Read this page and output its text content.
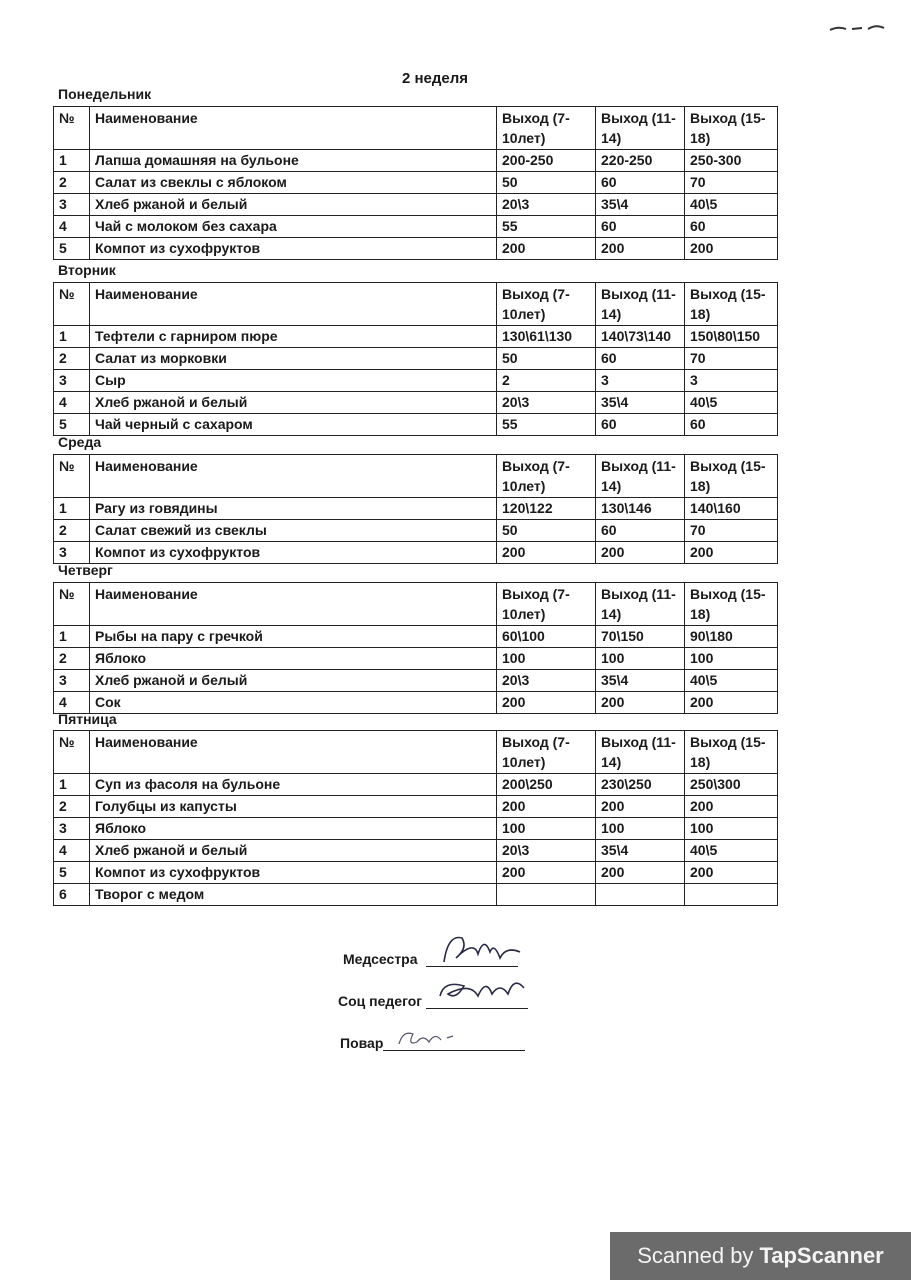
2 неделя
Понедельник
№	Наименование	Выход (7-10лет)	Выход (11-14)	Выход (15-18)
1	Лапша домашняя на бульоне	200-250	220-250	250-300
2	Салат из свеклы с яблоком	50	60	70
3	Хлеб ржаной и белый	20\3	35\4	40\5
4	Чай с молоком без сахара	55	60	60
5	Компот из сухофруктов	200	200	200
Вторник
№	Наименование	Выход (7-10лет)	Выход (11-14)	Выход (15-18)
1	Тефтели с гарниром пюре	130\61\130	140\73\140	150\80\150
2	Салат из морковки	50	60	70
3	Сыр	2	3	3
4	Хлеб ржаной и белый	20\3	35\4	40\5
5	Чай черный с сахаром	55	60	60
Среда
№	Наименование	Выход (7-10лет)	Выход (11-14)	Выход (15-18)
1	Рагу из говядины	120\122	130\146	140\160
2	Салат свежий из свеклы	50	60	70
3	Компот из сухофруктов	200	200	200
Четверг
№	Наименование	Выход (7-10лет)	Выход (11-14)	Выход (15-18)
1	Рыбы на пару с гречкой	60\100	70\150	90\180
2	Яблоко	100	100	100
3	Хлеб ржаной и белый	20\3	35\4	40\5
4	Сок	200	200	200
Пятница
№	Наименование	Выход (7-10лет)	Выход (11-14)	Выход (15-18)
1	Суп из фасоля на бульоне	200\250	230\250	250\300
2	Голубцы из капусты	200	200	200
3	Яблоко	100	100	100
4	Хлеб ржаной и белый	20\3	35\4	40\5
5	Компот из сухофруктов	200	200	200
6	Творог с медом			
Медсестра
Соц педегог
Повар
Scanned by TapScanner
